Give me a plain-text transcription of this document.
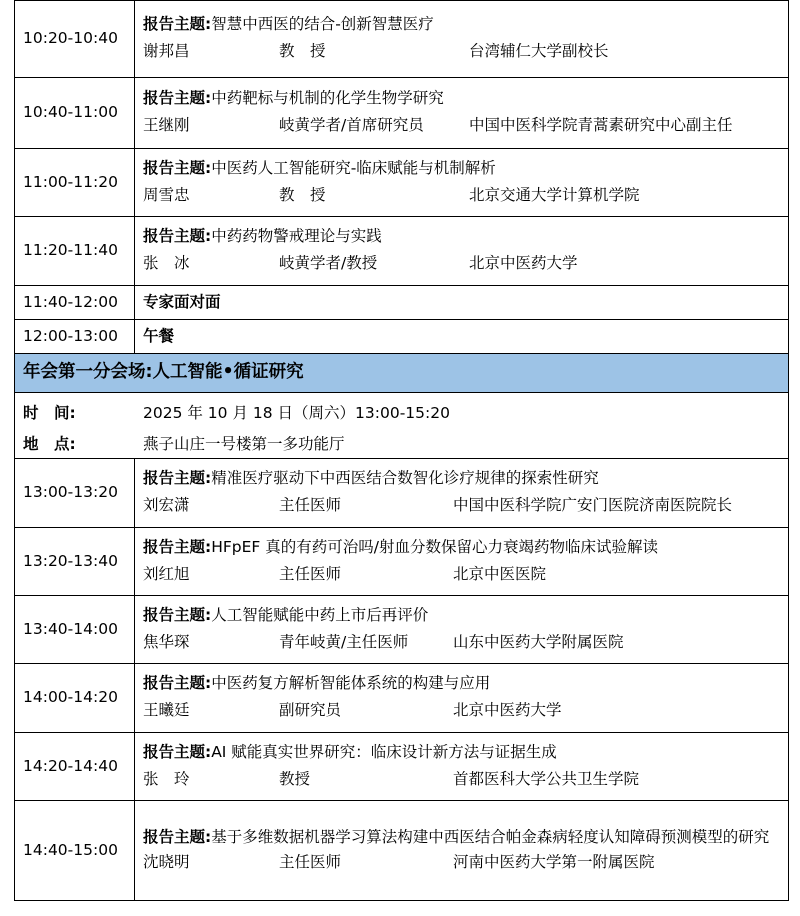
10:20-10:40	报告主题:智慧中西医的结合-创新智慧医疗
谢邦昌 教　授 台湾辅仁大学副校长

10:40-11:00	报告主题:中药靶标与机制的化学生物学研究
王继刚 岐黄学者/首席研究员 中国中医科学院青蒿素研究中心副主任

11:00-11:20	报告主题:中医药人工智能研究-临床赋能与机制解析
周雪忠 教　授 北京交通大学计算机学院

11:20-11:40	报告主题:中药药物警戒理论与实践
张　冰 岐黄学者/教授 北京中医药大学

11:40-12:00	专家面对面
12:00-13:00	午餐
年会第一分会场:人工智能•循证研究	

时　间: 2025 年 10 月 18 日（周六）13:00-15:20
地　点: 燕子山庄一号楼第一多功能厅	

13:00-13:20	报告主题:精准医疗驱动下中西医结合数智化诊疗规律的探索性研究
刘宏潇 主任医师 中国中医科学院广安门医院济南医院院长

13:20-13:40	报告主题:HFpEF 真的有药可治吗/射血分数保留心力衰竭药物临床试验解读
刘红旭 主任医师 北京中医医院

13:40-14:00	报告主题:人工智能赋能中药上市后再评价
焦华琛 青年岐黄/主任医师 山东中医药大学附属医院

14:00-14:20	报告主题:中医药复方解析智能体系统的构建与应用
王曦廷 副研究员 北京中医药大学

14:20-14:40	报告主题:AI 赋能真实世界研究：临床设计新方法与证据生成
张　玲 教授 首都医科大学公共卫生学院

14:40-15:00	报告主题:基于多维数据机器学习算法构建中西医结合帕金森病轻度认知障碍预测模型的研究
沈晓明 主任医师 河南中医药大学第一附属医院
